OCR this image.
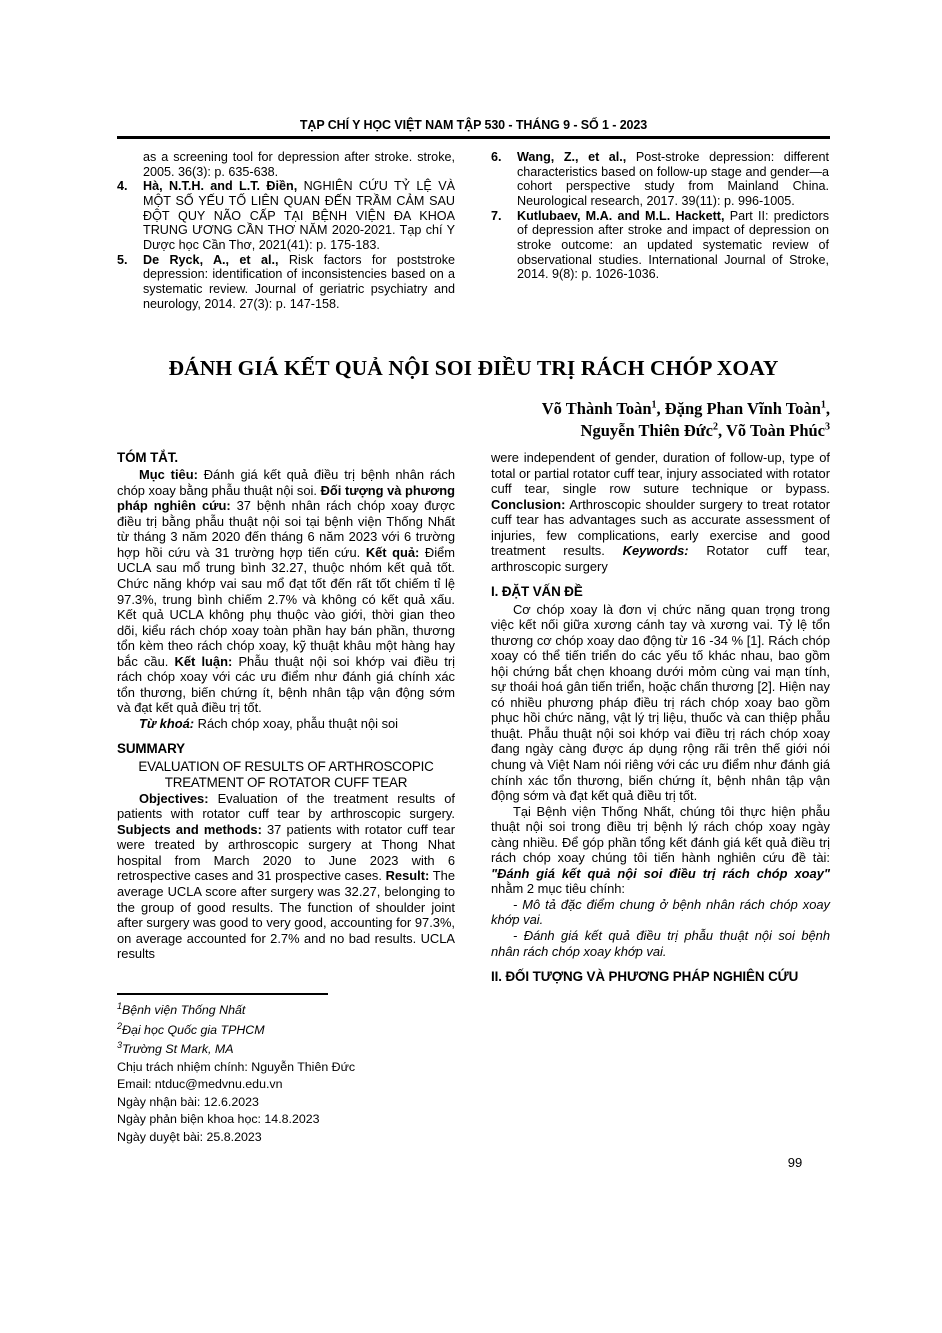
TẠP CHÍ Y HỌC VIỆT NAM TẬP 530 - THÁNG 9 - SỐ 1 - 2023
as a screening tool for depression after stroke. stroke, 2005. 36(3): p. 635-638.
4.	Hà, N.T.H. and L.T. Điền, NGHIÊN CỨU TỶ LỆ VÀ MỘT SỐ YẾU TỐ LIÊN QUAN ĐẾN TRẦM CẢM SAU ĐỘT QUY NÃO CẤP TẠI BỆNH VIỆN ĐA KHOA TRUNG ƯƠNG CẦN THƠ NĂM 2020-2021. Tạp chí Y Dược học Cần Thơ, 2021(41): p. 175-183.
5.	De Ryck, A., et al., Risk factors for poststroke depression: identification of inconsistencies based on a systematic review. Journal of geriatric psychiatry and neurology, 2014. 27(3): p. 147-158.
6.	Wang, Z., et al., Post-stroke depression: different characteristics based on follow-up stage and gender—a cohort perspective study from Mainland China. Neurological research, 2017. 39(11): p. 996-1005.
7.	Kutlubaev, M.A. and M.L. Hackett, Part II: predictors of depression after stroke and impact of depression on stroke outcome: an updated systematic review of observational studies. International Journal of Stroke, 2014. 9(8): p. 1026-1036.
ĐÁNH GIÁ KẾT QUẢ NỘI SOI ĐIỀU TRỊ RÁCH CHÓP XOAY
Võ Thành Toàn$^1$, Đặng Phan Vĩnh Toàn$^1$,
Nguyễn Thiên Đức$^2$, Võ Toàn Phúc$^3$
TÓM TẮT.

Mục tiêu: Đánh giá kết quả điều trị bệnh nhân rách chóp xoay bằng phẫu thuật nội soi. Đối tượng và phương pháp nghiên cứu: 37 bệnh nhân rách chóp xoay được điều trị bằng phẫu thuật nội soi tại bệnh viện Thống Nhất từ tháng 3 năm 2020 đến tháng 6 năm 2023 với 6 trường hợp hồi cứu và 31 trường hợp tiến cứu. Kết quả: Điểm UCLA sau mổ trung bình 32.27, thuộc nhóm kết quả tốt. Chức năng khớp vai sau mổ đạt tốt đến rất tốt chiếm tỉ lệ 97.3%, trung bình chiếm 2.7% và không có kết quả xấu. Kết quả UCLA không phụ thuộc vào giới, thời gian theo dõi, kiểu rách chóp xoay toàn phần hay bán phần, thương tổn kèm theo rách chóp xoay, kỹ thuật khâu một hàng hay bắc cầu. Kết luận: Phẫu thuật nội soi khớp vai điều trị rách chóp xoay với các ưu điểm như đánh giá chính xác tổn thương, biến chứng ít, bệnh nhân tập vận động sớm và đạt kết quả điều trị tốt.

Từ khoá: Rách chóp xoay, phẫu thuật nội soi

SUMMARY
EVALUATION OF RESULTS OF ARTHROSCOPIC
TREATMENT OF ROTATOR CUFF TEAR

Objectives: Evaluation of the treatment results of patients with rotator cuff tear by arthroscopic surgery. Subjects and methods: 37 patients with rotator cuff tear were treated by arthroscopic surgery at Thong Nhat hospital from March 2020 to June 2023 with 6 retrospective cases and 31 prospective cases. Result: The average UCLA score after surgery was 32.27, belonging to the group of good results. The function of shoulder joint after surgery was good to very good, accounting for 97.3%, on average accounted for 2.7% and no bad results. UCLA results

were independent of gender, duration of follow-up, type of total or partial rotator cuff tear, injury associated with rotator cuff tear, single row suture technique or bypass. Conclusion: Arthroscopic shoulder surgery to treat rotator cuff tear has advantages such as accurate assessment of injuries, few complications, early exercise and good treatment results. Keywords: Rotator cuff tear, arthroscopic surgery

I. ĐẶT VẤN ĐỀ

Cơ chóp xoay là đơn vị chức năng quan trọng trong việc kết nối giữa xương cánh tay và xương vai. Tỷ lệ tổn thương cơ chóp xoay dao động từ 16 -34 % [1]. Rách chóp xoay có thể tiến triển do các yếu tố khác nhau, bao gồm hội chứng bắt chẹn khoang dưới mỏm cùng vai mạn tính, sự thoái hoá gân tiến triển, hoặc chấn thương [2]. Hiện nay có nhiều phương pháp điều trị rách chóp xoay bao gồm phục hồi chức năng, vật lý trị liệu, thuốc và can thiệp phẫu thuật. Phẫu thuật nội soi khớp vai điều trị rách chóp xoay đang ngày càng được áp dụng rộng rãi trên thế giới nói chung và Việt Nam nói riêng với các ưu điểm như đánh giá chính xác tổn thương, biến chứng ít, bệnh nhân tập vận động sớm và đạt kết quả điều trị tốt.

Tại Bệnh viện Thống Nhất, chúng tôi thực hiện phẫu thuật nội soi trong điều trị bệnh lý rách chóp xoay ngày càng nhiều. Để góp phần tổng kết đánh giá kết quả điều trị rách chóp xoay chúng tôi tiến hành nghiên cứu đề tài: "Đánh giá kết quả nội soi điều trị rách chóp xoay" nhằm 2 mục tiêu chính:

- Mô tả đặc điểm chung ở bệnh nhân rách chóp xoay khớp vai.

- Đánh giá kết quả điều trị phẫu thuật nội soi bệnh nhân rách chóp xoay khớp vai.

II. ĐỐI TƯỢNG VÀ PHƯƠNG PHÁP NGHIÊN CỨU
$^1$Bệnh viện Thống Nhất
$^2$Đại học Quốc gia TPHCM
$^3$Trường St Mark, MA
Chịu trách nhiệm chính: Nguyễn Thiên Đức
Email: ntduc@medvnu.edu.vn
Ngày nhận bài: 12.6.2023
Ngày phản biện khoa học: 14.8.2023
Ngày duyệt bài: 25.8.2023
99
